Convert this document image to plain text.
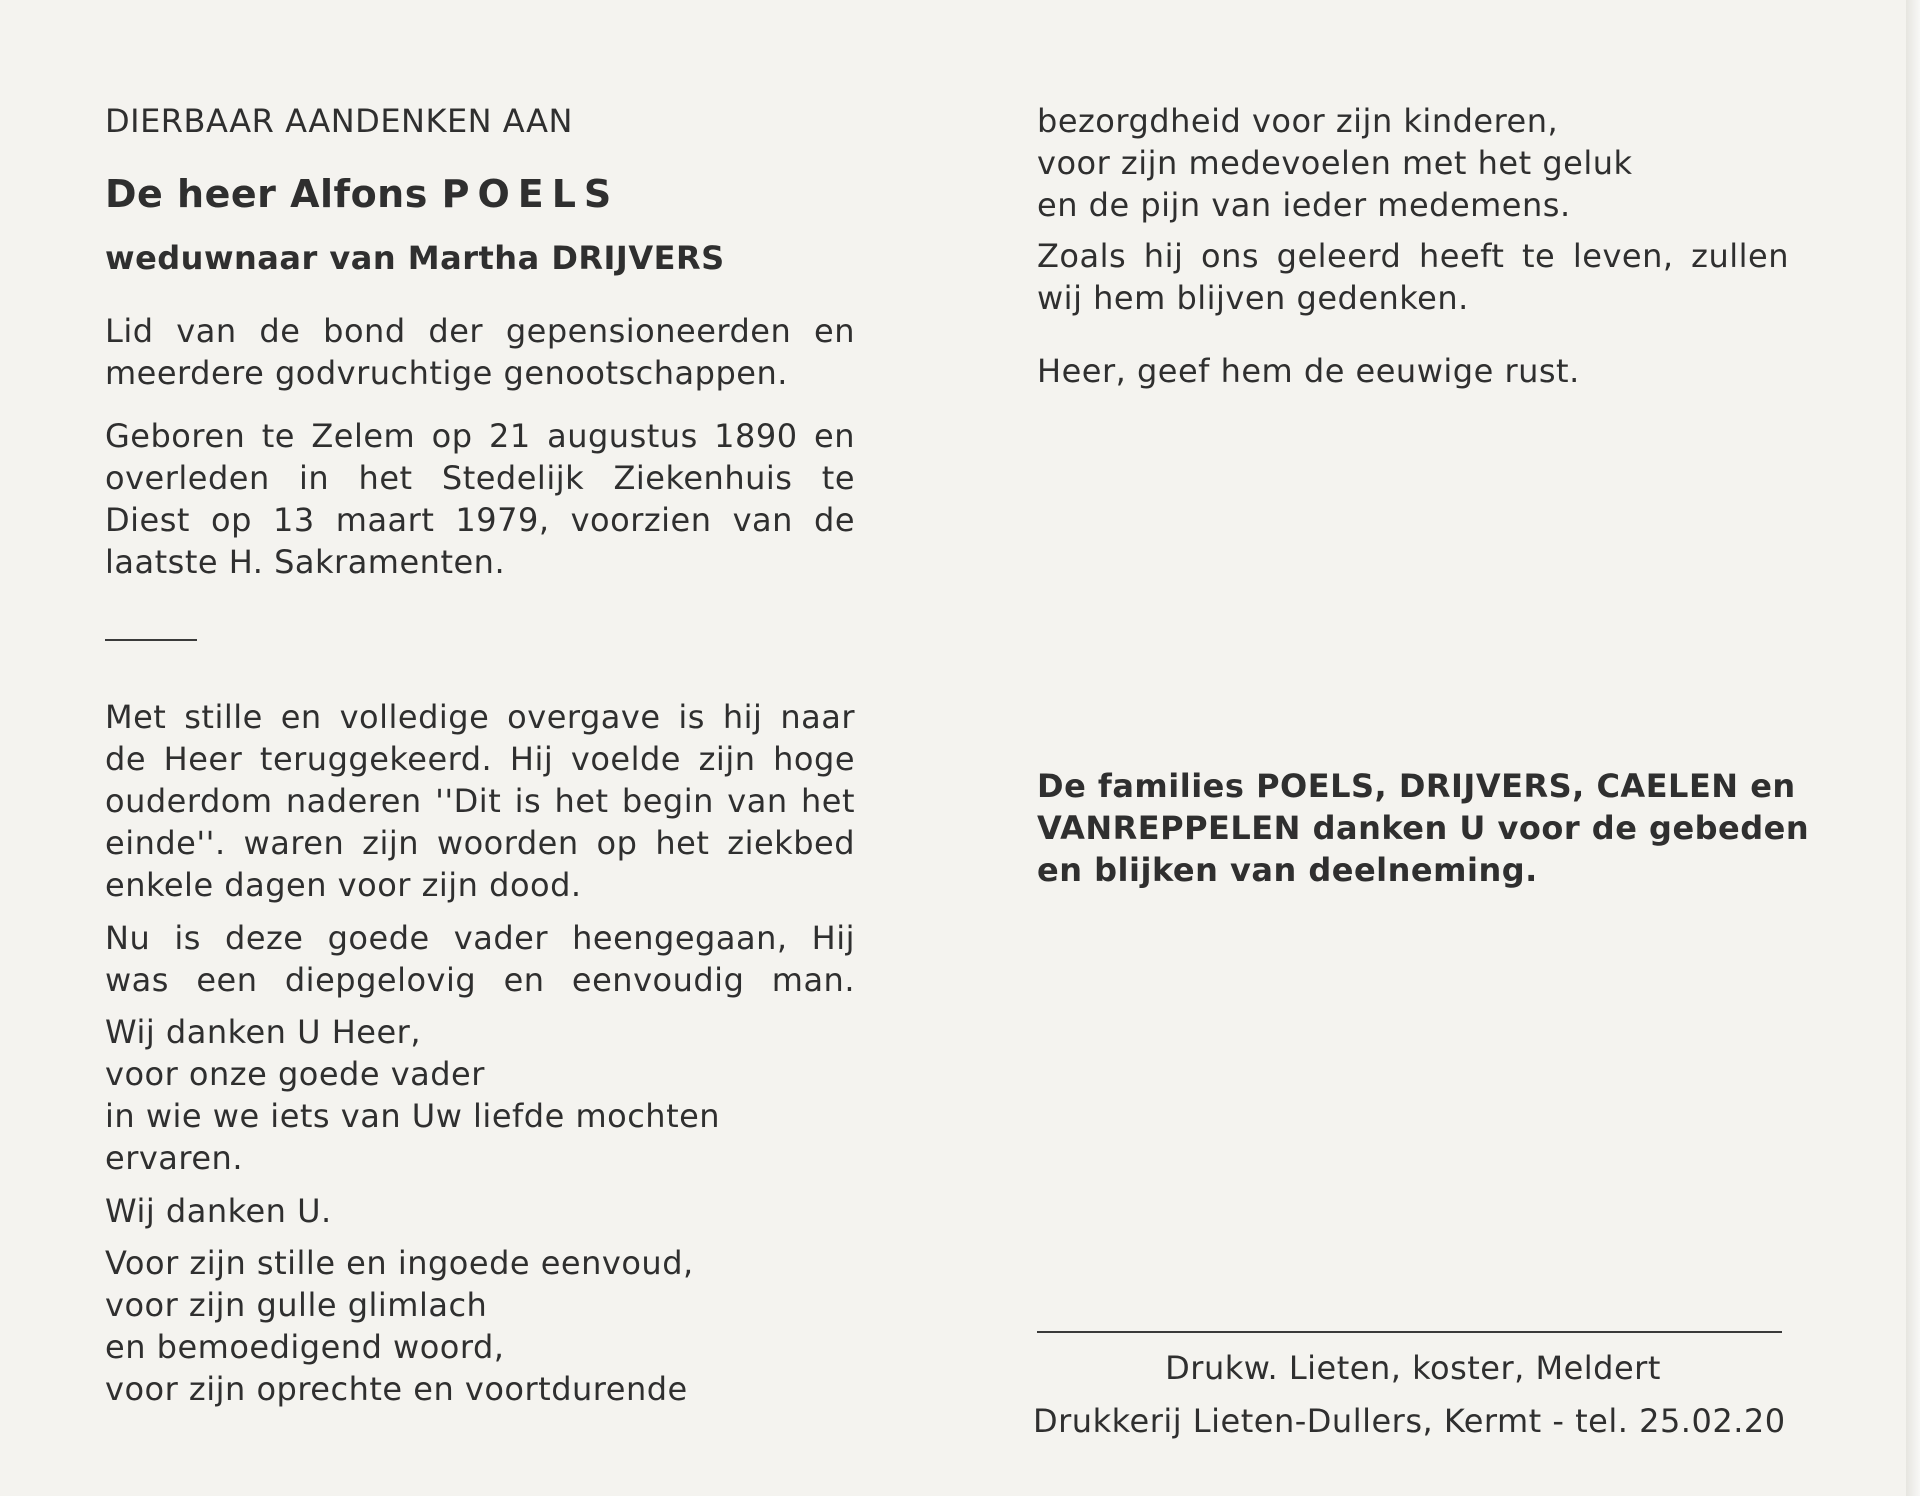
DIERBAAR AANDENKEN AAN
De heer Alfons POELS
weduwnaar van Martha DRIJVERS
Lid van de bond der gepensioneerden en
meerdere godvruchtige genootschappen.
Geboren te Zelem op 21 augustus 1890 en
overleden in het Stedelijk Ziekenhuis te
Diest op 13 maart 1979, voorzien van de
laatste H. Sakramenten.
Met stille en volledige overgave is hij naar
de Heer teruggekeerd. Hij voelde zijn hoge
ouderdom naderen ''Dit is het begin van het
einde''. waren zijn woorden op het ziekbed
enkele dagen voor zijn dood.
Nu is deze goede vader heengegaan, Hij
was een diepgelovig en eenvoudig man.
Wij danken U Heer,
voor onze goede vader
in wie we iets van Uw liefde mochten
ervaren.
Wij danken U.
Voor zijn stille en ingoede eenvoud,
voor zijn gulle glimlach
en bemoedigend woord,
voor zijn oprechte en voortdurende
bezorgdheid voor zijn kinderen,
voor zijn medevoelen met het geluk
en de pijn van ieder medemens.
Zoals hij ons geleerd heeft te leven, zullen
wij hem blijven gedenken.
Heer, geef hem de eeuwige rust.
De families POELS, DRIJVERS, CAELEN en
VANREPPELEN danken U voor de gebeden
en blijken van deelneming.
Drukw. Lieten, koster, Meldert
Drukkerij Lieten-Dullers, Kermt - tel. 25.02.20
